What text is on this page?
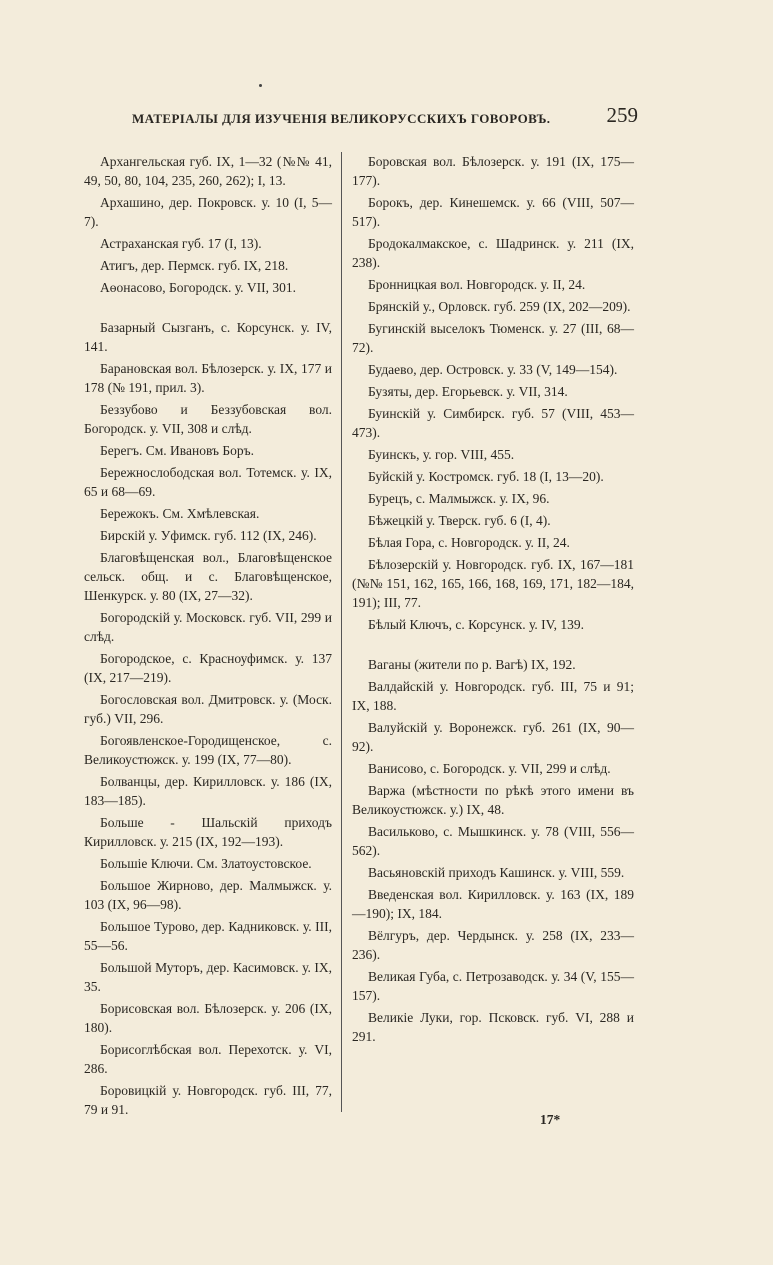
МАТЕРІАЛЫ ДЛЯ ИЗУЧЕНІЯ ВЕЛИКОРУССКИХЪ ГОВОРОВЪ.	259

Архангельская губ. IX, 1—32 (№№ 41, 49, 50, 80, 104, 235, 260, 262); I, 13.

Архашино, дер. Покровск. у. 10 (I, 5—7).

Астраханская губ. 17 (I, 13).

Атигъ, дер. Пермск. губ. IX, 218.

Аѳонасово, Богородск. у. VII, 301.

Базарный Сызганъ, с. Корсунск. у. IV, 141.

Барановская вол. Бѣлозерск. у. IX, 177 и 178 (№ 191, прил. 3).

Беззубово и Беззубовская вол. Богородск. у. VII, 308 и слѣд.

Берегъ. См. Ивановъ Боръ.

Бережнослободская вол. Тотемск. у. IX, 65 и 68—69.

Бережокъ. См. Хмѣлевская.

Бирскій у. Уфимск. губ. 112 (IX, 246).

Благовѣщенская вол., Благовѣщенское сельск. общ. и с. Благовѣщенское, Шенкурск. у. 80 (IX, 27—32).

Богородскій у. Московск. губ. VII, 299 и слѣд.

Богородское, с. Красноуфимск. у. 137 (IX, 217—219).

Богословская вол. Дмитровск. у. (Моск. губ.) VII, 296.

Богоявленское-Городищенское, с. Великоустюжск. у. 199 (IX, 77—80).

Болванцы, дер. Кирилловск. у. 186 (IX, 183—185).

Больше - Шальскій приходъ Кирилловск. у. 215 (IX, 192—193).

Большіе Ключи. См. Златоустовское.

Большое Жирново, дер. Малмыжск. у. 103 (IX, 96—98).

Большое Турово, дер. Кадниковск. у. III, 55—56.

Большой Муторъ, дер. Касимовск. у. IX, 35.

Борисовская вол. Бѣлозерск. у. 206 (IX, 180).

Борисоглѣбская вол. Перехотск. у. VI, 286.

Боровицкій у. Новгородск. губ. III, 77, 79 и 91.

Боровская вол. Бѣлозерск. у. 191 (IX, 175—177).

Борокъ, дер. Кинешемск. у. 66 (VIII, 507—517).

Бродокалмакское, с. Шадринск. у. 211 (IX, 238).

Бронницкая вол. Новгородск. у. II, 24.

Брянскій у., Орловск. губ. 259 (IX, 202—209).

Бугинскій выселокъ Тюменск. у. 27 (III, 68—72).

Будаево, дер. Островск. у. 33 (V, 149—154).

Бузяты, дер. Егорьевск. у. VII, 314.

Буинскій у. Симбирск. губ. 57 (VIII, 453—473).

Буинскъ, у. гор. VIII, 455.

Буйскій у. Костромск. губ. 18 (I, 13—20).

Бурецъ, с. Малмыжск. у. IX, 96.

Бѣжецкій у. Тверск. губ. 6 (I, 4).

Бѣлая Гора, с. Новгородск. у. II, 24.

Бѣлозерскій у. Новгородск. губ. IX, 167—181 (№№ 151, 162, 165, 166, 168, 169, 171, 182—184, 191); III, 77.

Бѣлый Ключъ, с. Корсунск. у. IV, 139.

Ваганы (жители по р. Вагѣ) IX, 192.

Валдайскій у. Новгородск. губ. III, 75 и 91; IX, 188.

Валуйскій у. Воронежск. губ. 261 (IX, 90—92).

Ванисово, с. Богородск. у. VII, 299 и слѣд.

Варжа (мѣстности по рѣкѣ этого имени въ Великоустюжск. у.) IX, 48.

Васильково, с. Мышкинск. у. 78 (VIII, 556—562).

Васьяновскій приходъ Кашинск. у. VIII, 559.

Введенская вол. Кирилловск. у. 163 (IX, 189—190); IX, 184.

Вёлгуръ, дер. Чердынск. у. 258 (IX, 233—236).

Великая Губа, с. Петрозаводск. у. 34 (V, 155—157).

Великіе Луки, гор. Псковск. губ. VI, 288 и 291.

17*
